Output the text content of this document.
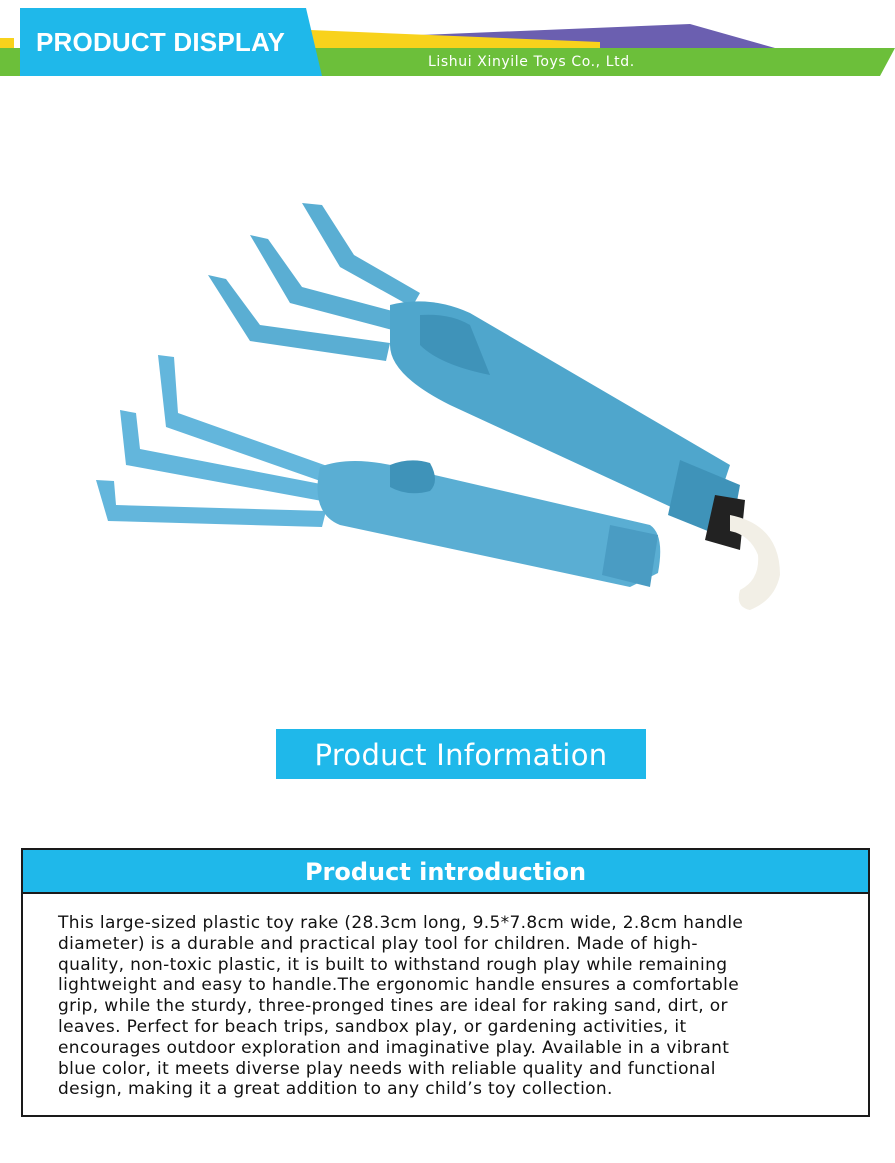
PRODUCT DISPLAY
Lishui Xinyile Toys Co., Ltd.
Product Information
Product introduction
This large-sized plastic toy rake (28.3cm long, 9.5*7.8cm wide, 2.8cm handle
diameter) is a durable and practical play tool for children. Made of high-
quality, non-toxic plastic, it is built to withstand rough play while remaining
lightweight and easy to handle.The ergonomic handle ensures a comfortable
grip, while the sturdy, three-pronged tines are ideal for raking sand, dirt, or
leaves. Perfect for beach trips, sandbox play, or gardening activities, it
encourages outdoor exploration and imaginative play. Available in a vibrant
blue color, it meets diverse play needs with reliable quality and functional
design, making it a great addition to any child’s toy collection.
